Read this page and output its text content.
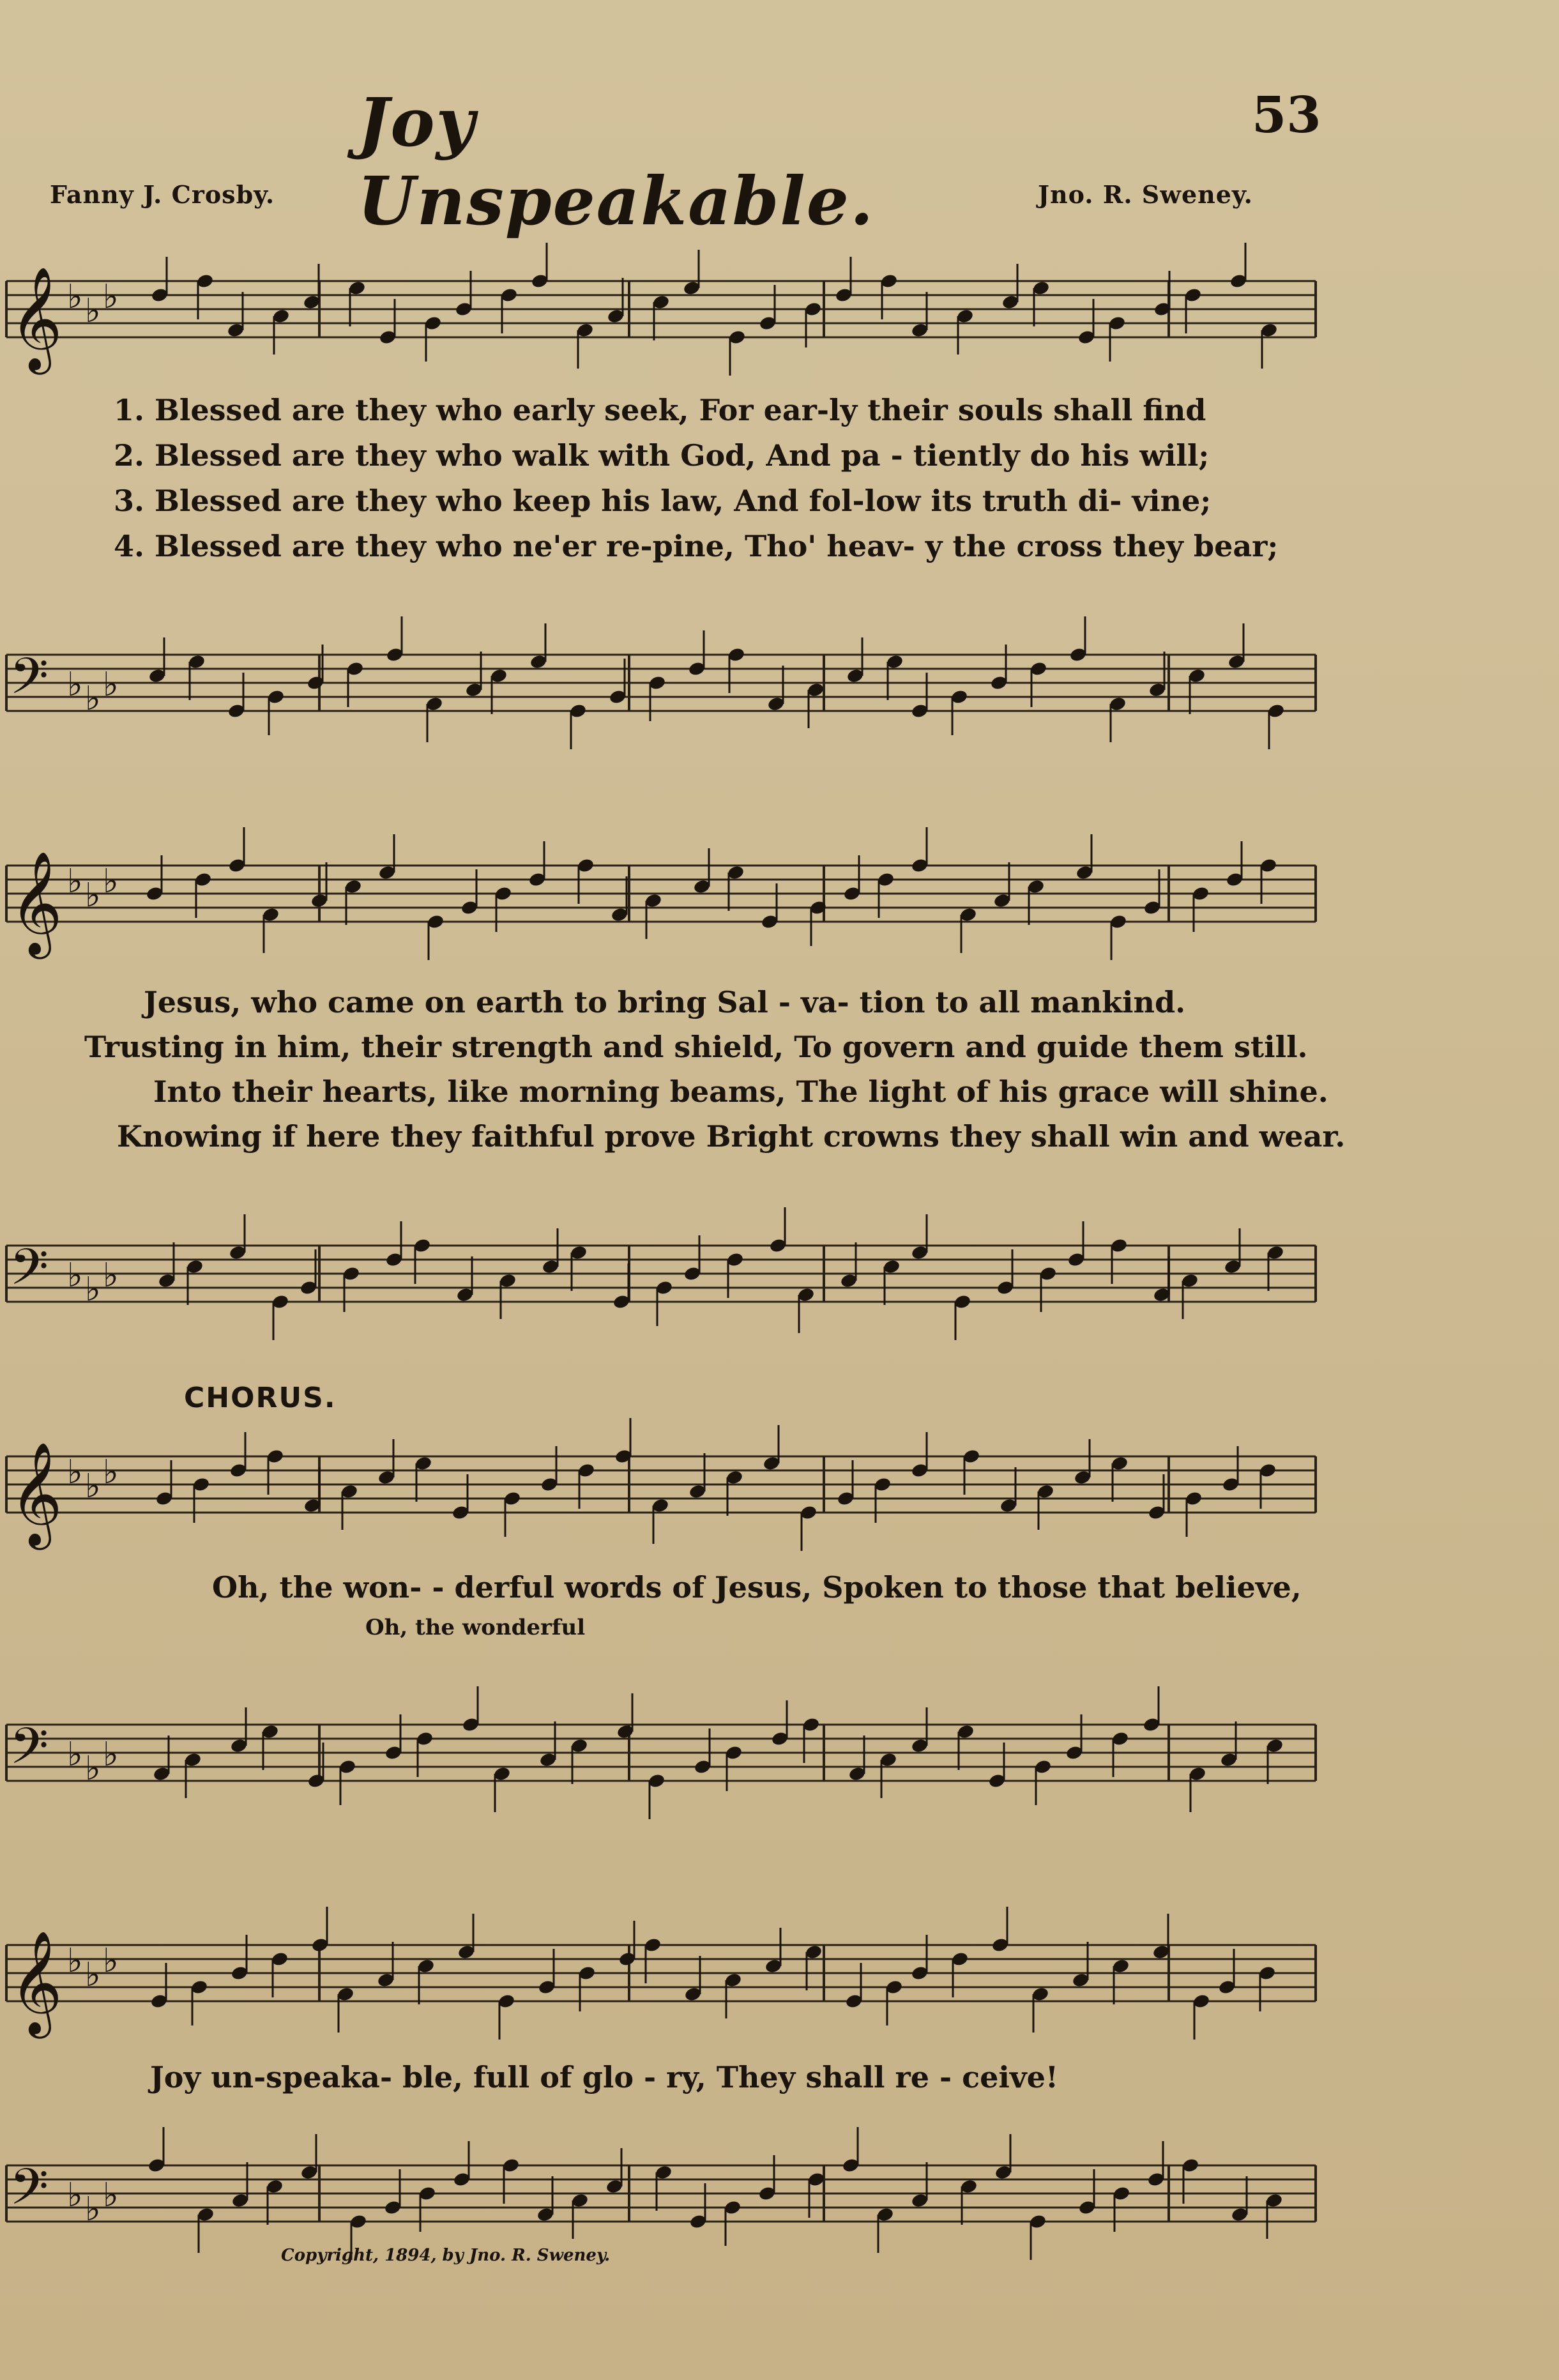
Joy Unspeakable.
53
Fanny J. Crosby.	Jno. R. Sweney.
𝄞 ♭ ♭ ♭
𝄢 ♭ ♭ ♭
1. Blessed are they who early seek, For ear-ly their souls shall find
2. Blessed are they who walk with God, And pa - tiently do his will;
3. Blessed are they who keep his law, And fol-low its truth di- vine;
4. Blessed are they who ne'er re-pine, Tho' heav- y the cross they bear;
𝄞 ♭ ♭ ♭
𝄢 ♭ ♭ ♭
Jesus, who came on earth to bring Sal - va- tion to all mankind.
Trusting in him, their strength and shield, To govern and guide them still.
Into their hearts, like morning beams, The light of his grace will shine.
Knowing if here they faithful prove Bright crowns they shall win and wear.
CHORUS.
𝄞 ♭ ♭ ♭
Oh, the won- - derful words of Jesus, Spoken to those that believe,
Oh, the wonderful
𝄢 ♭ ♭ ♭
𝄞 ♭ ♭ ♭
Joy un-speaka- ble, full of glo - ry, They shall re - ceive!
𝄢 ♭ ♭ ♭
Copyright, 1894, by Jno. R. Sweney.
